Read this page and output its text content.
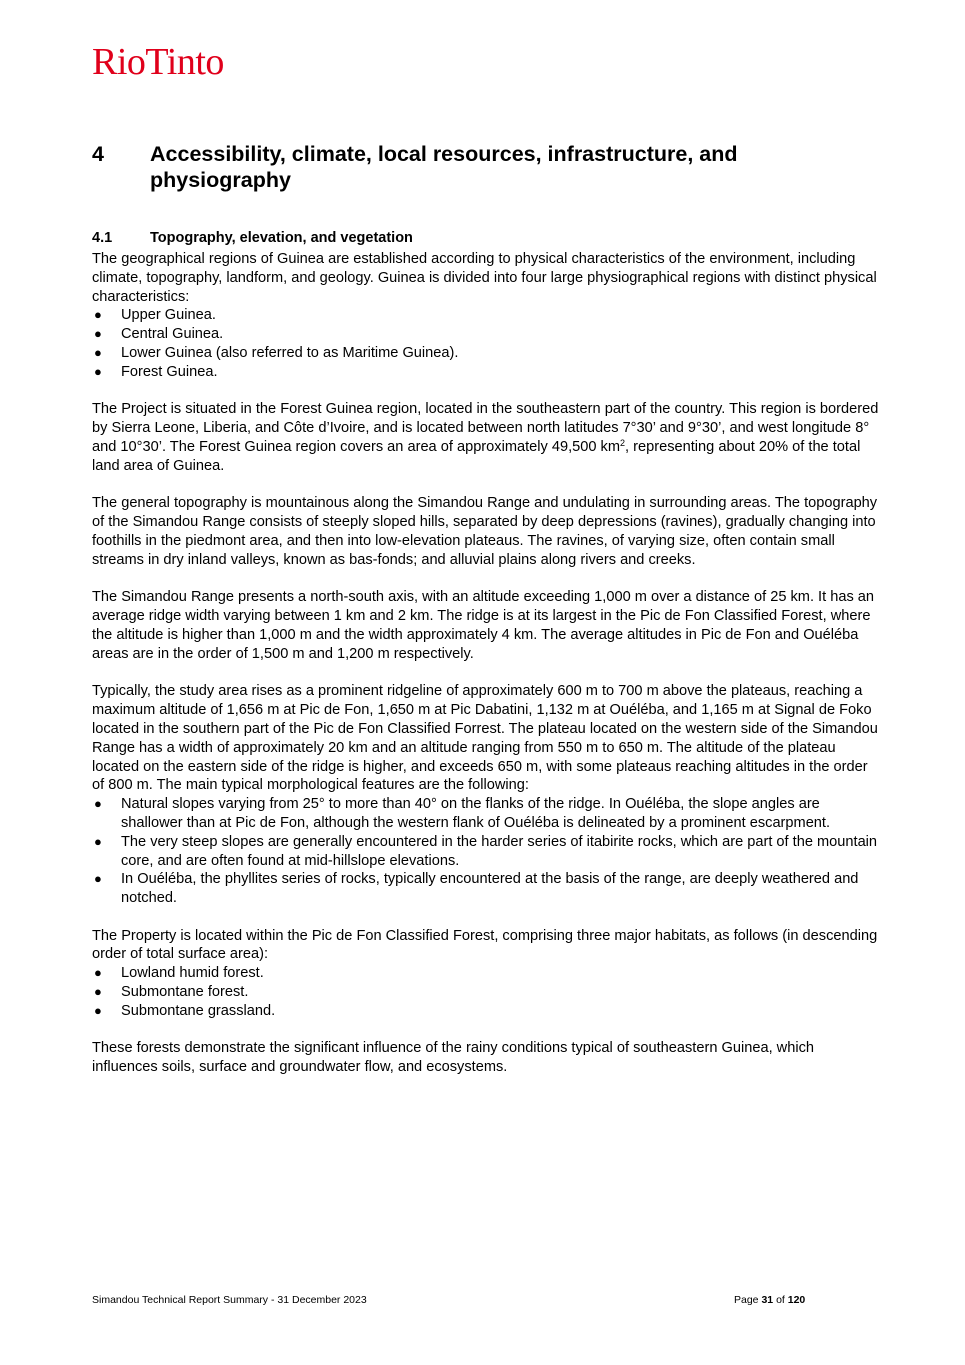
RioTinto
4	Accessibility, climate, local resources, infrastructure, and physiography
4.1	Topography, elevation, and vegetation

The geographical regions of Guinea are established according to physical characteristics of the environment, including climate, topography, landform, and geology. Guinea is divided into four large physiographical regions with distinct physical characteristics:

●	Upper Guinea.
●	Central Guinea.
●	Lower Guinea (also referred to as Maritime Guinea).
●	Forest Guinea.

The Project is situated in the Forest Guinea region, located in the southeastern part of the country. This region is bordered by Sierra Leone, Liberia, and Côte d’Ivoire, and is located between north latitudes 7°30’ and 9°30’, and west longitude 8° and 10°30’. The Forest Guinea region covers an area of approximately 49,500 $km^2$, representing about 20% of the total land area of Guinea.

The general topography is mountainous along the Simandou Range and undulating in surrounding areas. The topography of the Simandou Range consists of steeply sloped hills, separated by deep depressions (ravines), gradually changing into foothills in the piedmont area, and then into low-elevation plateaus. The ravines, of varying size, often contain small streams in dry inland valleys, known as bas-fonds; and alluvial plains along rivers and creeks.

The Simandou Range presents a north-south axis, with an altitude exceeding 1,000 m over a distance of 25 km. It has an average ridge width varying between 1 km and 2 km. The ridge is at its largest in the Pic de Fon Classified Forest, where the altitude is higher than 1,000 m and the width approximately 4 km. The average altitudes in Pic de Fon and Ouéléba areas are in the order of 1,500 m and 1,200 m respectively.

Typically, the study area rises as a prominent ridgeline of approximately 600 m to 700 m above the plateaus, reaching a maximum altitude of 1,656 m at Pic de Fon, 1,650 m at Pic Dabatini, 1,132 m at Ouéléba, and 1,165 m at Signal de Foko located in the southern part of the Pic de Fon Classified Forrest. The plateau located on the western side of the Simandou Range has a width of approximately 20 km and an altitude ranging from 550 m to 650 m. The altitude of the plateau located on the eastern side of the ridge is higher, and exceeds 650 m, with some plateaus reaching altitudes in the order of 800 m. The main typical morphological features are the following:

●	Natural slopes varying from 25° to more than 40° on the flanks of the ridge. In Ouéléba, the slope angles are shallower than at Pic de Fon, although the western flank of Ouéléba is delineated by a prominent escarpment.
●	The very steep slopes are generally encountered in the harder series of itabirite rocks, which are part of the mountain core, and are often found at mid-hillslope elevations.
●	In Ouéléba, the phyllites series of rocks, typically encountered at the basis of the range, are deeply weathered and notched.

The Property is located within the Pic de Fon Classified Forest, comprising three major habitats, as follows (in descending order of total surface area):

●	Lowland humid forest.
●	Submontane forest.
●	Submontane grassland.

These forests demonstrate the significant influence of the rainy conditions typical of southeastern Guinea, which influences soils, surface and groundwater flow, and ecosystems.

Simandou Technical Report Summary - 31 December 2023	Page 31 of 120
